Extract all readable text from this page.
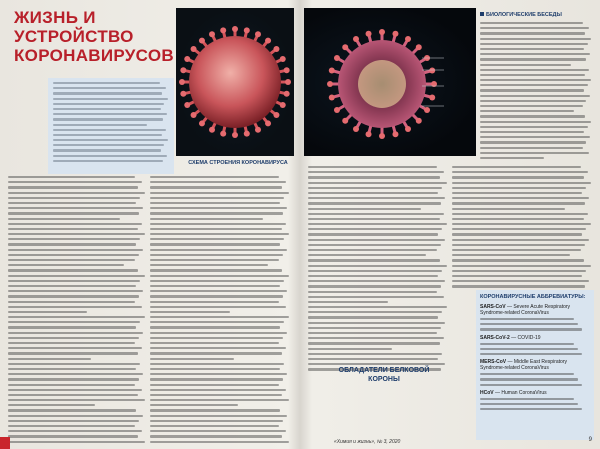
ЖИЗНЬ И УСТРОЙСТВО КОРОНАВИРУСОВ
СХЕМА СТРОЕНИЯ КОРОНАВИРУСА
БИОЛОГИЧЕСКИЕ БЕСЕДЫ
ОБЛАДАТЕЛИ БЕЛКОВОЙ КОРОНЫ
КОРОНАВИРУСНЫЕ АББРЕВИАТУРЫ:
SARS-CoV — Severe Acute Respiratory Syndrome-related CoronaVirus
SARS-CoV-2 — COVID-19
MERS-CoV — Middle East Respiratory Syndrome-related CoronaVirus
HCoV — Human CoronaVirus
«Химия и жизнь», № 3, 2020	9
